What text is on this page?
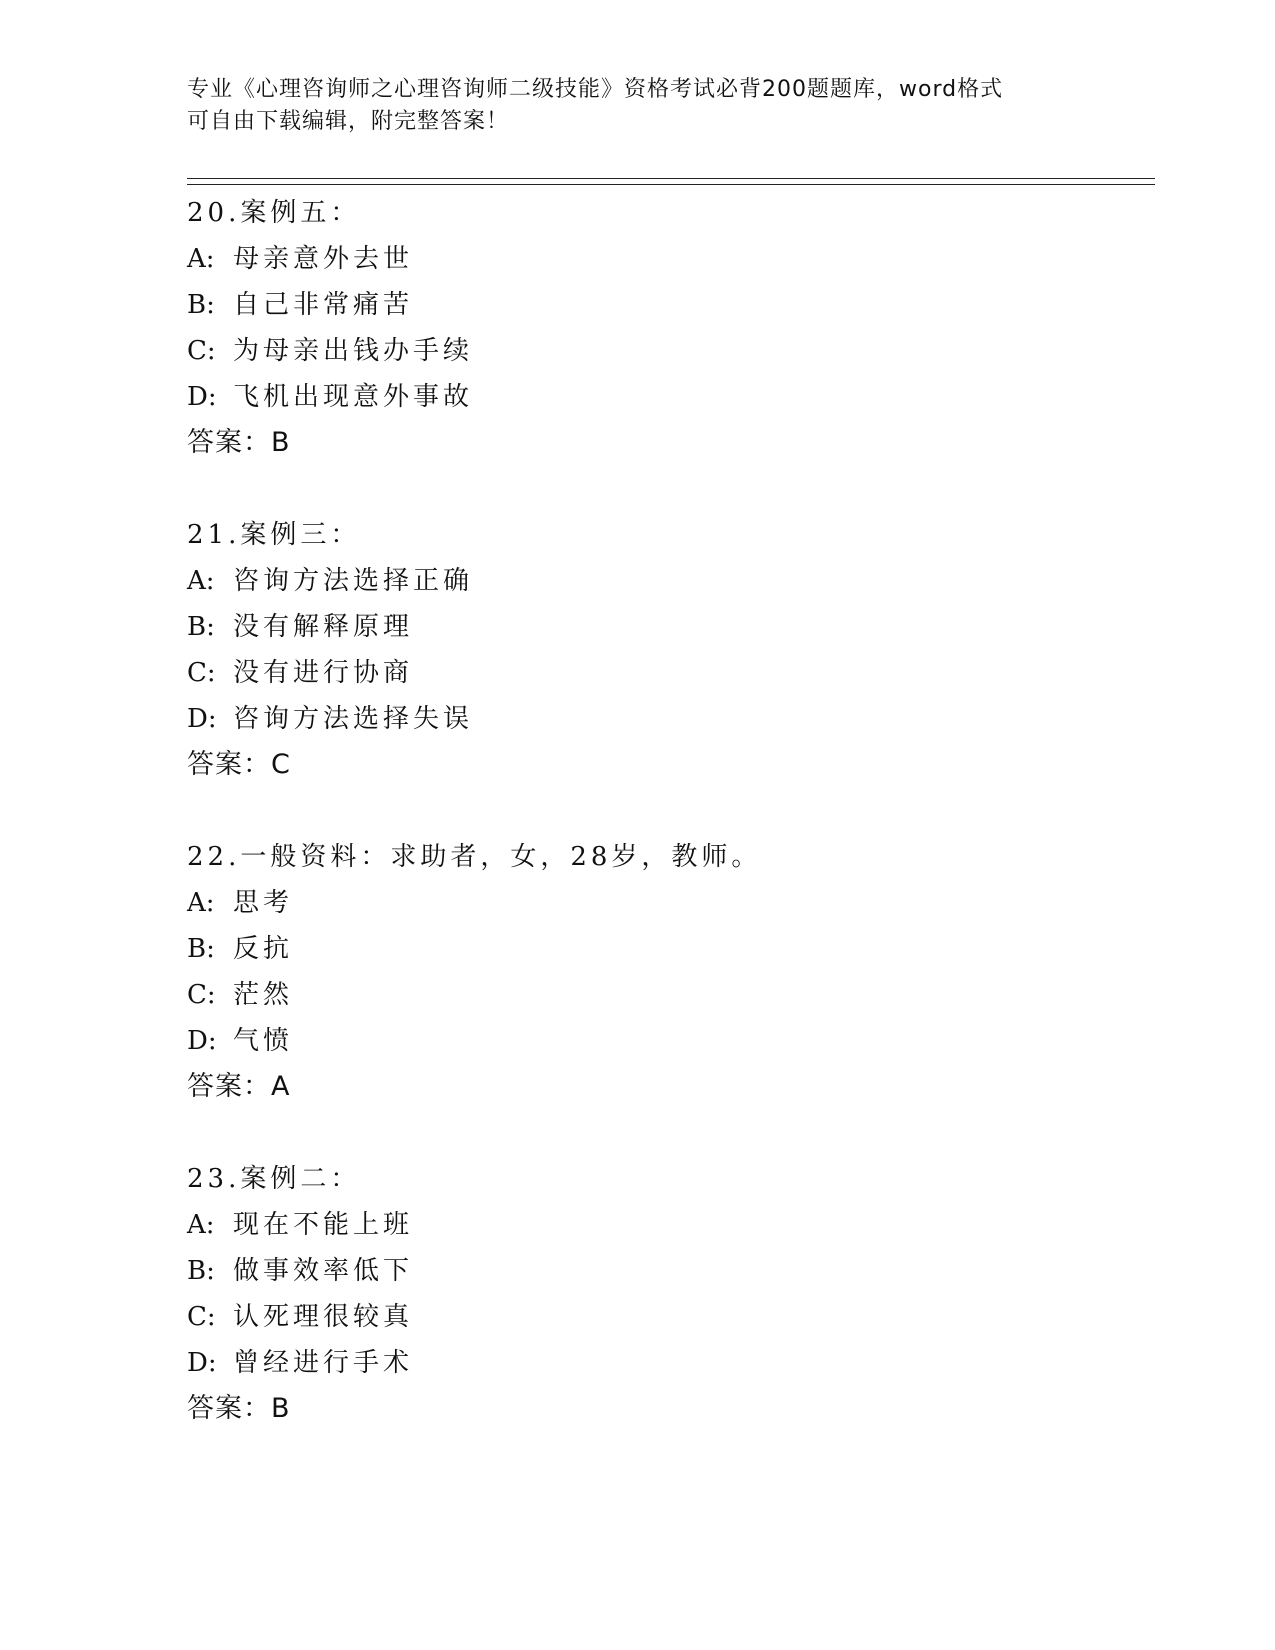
专业《心理咨询师之心理咨询师二级技能》资格考试必背200题题库，word格式
可自由下载编辑，附完整答案！
20.案例五：
A: 母亲意外去世
B: 自己非常痛苦
C: 为母亲出钱办手续
D: 飞机出现意外事故
答案：B
21.案例三：
A: 咨询方法选择正确
B: 没有解释原理
C: 没有进行协商
D: 咨询方法选择失误
答案：C
22.一般资料：求助者，女，28岁，教师。
A: 思考
B: 反抗
C: 茫然
D: 气愤
答案：A
23.案例二：
A: 现在不能上班
B: 做事效率低下
C: 认死理很较真
D: 曾经进行手术
答案：B
